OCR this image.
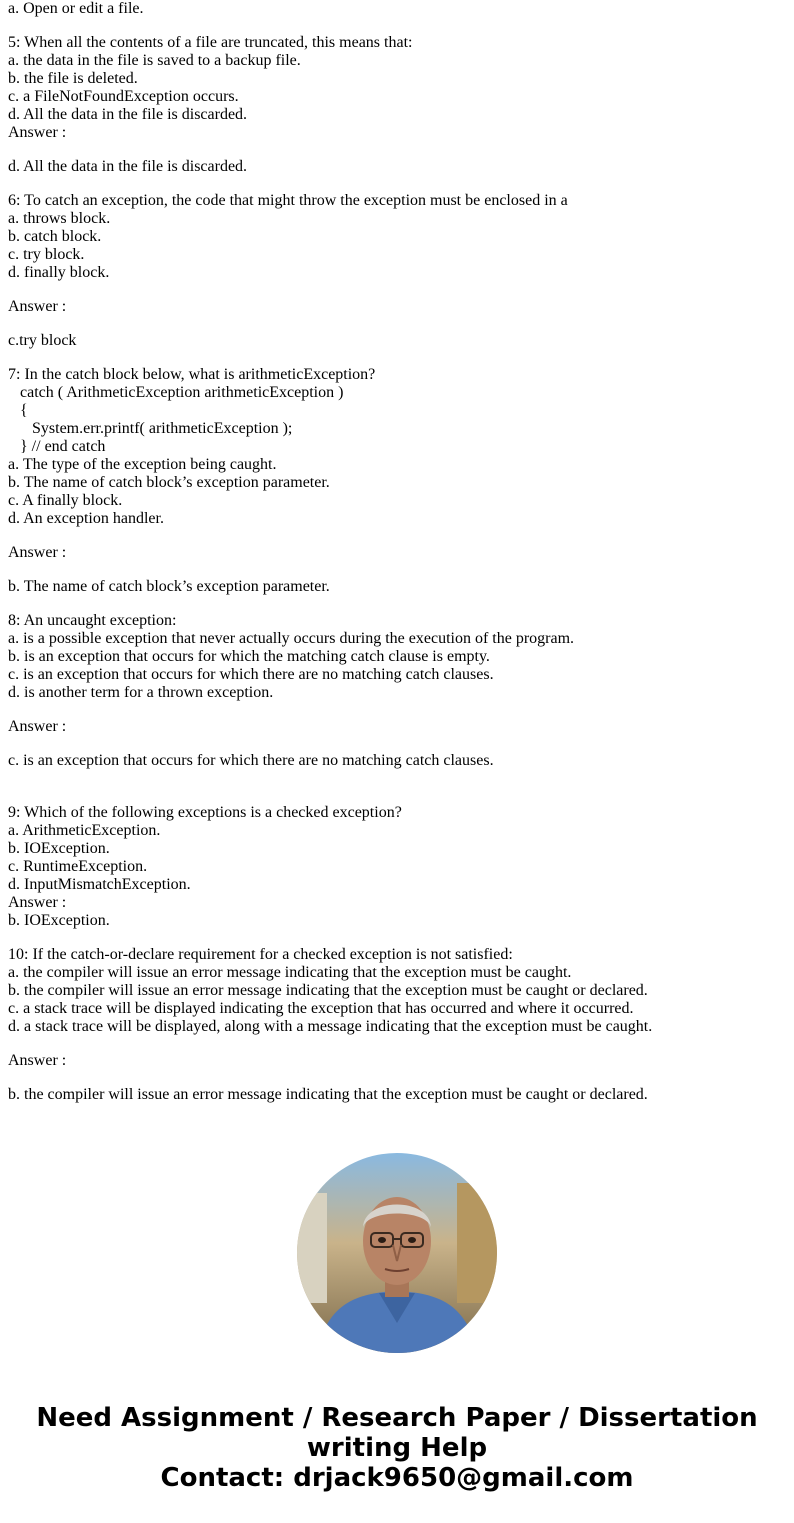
a. Open or edit a file.
5: When all the contents of a file are truncated, this means that:
a. the data in the file is saved to a backup file.
b. the file is deleted.
c. a FileNotFoundException occurs.
d. All the data in the file is discarded.
Answer :
d. All the data in the file is discarded.
6: To catch an exception, the code that might throw the exception must be enclosed in a
a. throws block.
b. catch block.
c. try block.
d. finally block.
Answer :
c.try block
7: In the catch block below, what is arithmeticException?
catch ( ArithmeticException arithmeticException )
{
System.err.printf( arithmeticException );
} // end catch
a. The type of the exception being caught.
b. The name of catch block’s exception parameter.
c. A finally block.
d. An exception handler.
Answer :
b. The name of catch block’s exception parameter.
8: An uncaught exception:
a. is a possible exception that never actually occurs during the execution of the program.
b. is an exception that occurs for which the matching catch clause is empty.
c. is an exception that occurs for which there are no matching catch clauses.
d. is another term for a thrown exception.
Answer :
c. is an exception that occurs for which there are no matching catch clauses.
9: Which of the following exceptions is a checked exception?
a. ArithmeticException.
b. IOException.
c. RuntimeException.
d. InputMismatchException.
Answer :
b. IOException.
10: If the catch-or-declare requirement for a checked exception is not satisfied:
a. the compiler will issue an error message indicating that the exception must be caught.
b. the compiler will issue an error message indicating that the exception must be caught or declared.
c. a stack trace will be displayed indicating the exception that has occurred and where it occurred.
d. a stack trace will be displayed, along with a message indicating that the exception must be caught.
Answer :
b. the compiler will issue an error message indicating that the exception must be caught or declared.
Need Assignment / Research Paper / Dissertation
writing Help
Contact: drjack9650@gmail.com
